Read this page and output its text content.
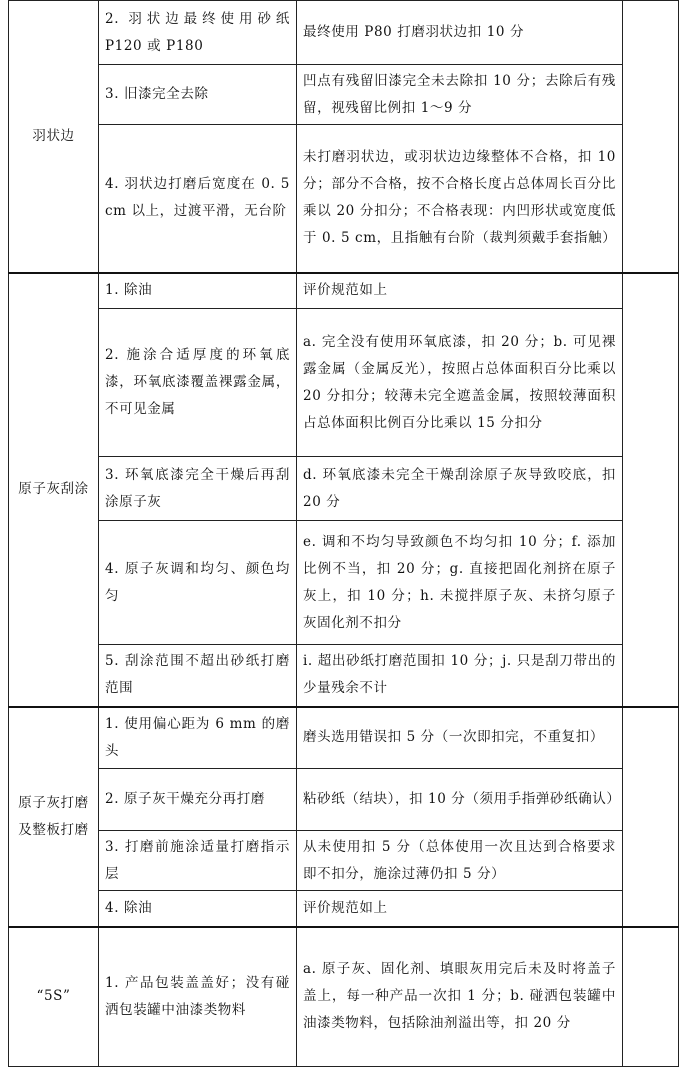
羽状边	2. 羽状边最终使用砂纸 P120 或 P180	最终使用 P80 打磨羽状边扣 10 分	
	3. 旧漆完全去除	凹点有残留旧漆完全未去除扣 10 分；去除后有残留，视残留比例扣 1～9 分	
	4. 羽状边打磨后宽度在 0. 5 cm 以上，过渡平滑，无台阶	未打磨羽状边，或羽状边边缘整体不合格，扣 10 分；部分不合格，按不合格长度占总体周长百分比乘以 20 分扣分；不合格表现：内凹形状或宽度低于 0. 5 cm，且指触有台阶（裁判须戴手套指触）	
原子灰刮涂	1. 除油	评价规范如上	
	2. 施涂合适厚度的环氧底漆，环氧底漆覆盖裸露金属，不可见金属	a. 完全没有使用环氧底漆，扣 20 分；b. 可见裸露金属（金属反光），按照占总体面积百分比乘以 20 分扣分；较薄未完全遮盖金属，按照较薄面积占总体面积比例百分比乘以 15 分扣分	
	3. 环氧底漆完全干燥后再刮涂原子灰	d. 环氧底漆未完全干燥刮涂原子灰导致咬底，扣 20 分	
	4. 原子灰调和均匀、颜色均匀	e. 调和不均匀导致颜色不均匀扣 10 分；f. 添加比例不当，扣 20 分；g. 直接把固化剂挤在原子灰上，扣 10 分；h. 未搅拌原子灰、未挤匀原子灰固化剂不扣分	
	5. 刮涂范围不超出砂纸打磨范围	i. 超出砂纸打磨范围扣 10 分；j. 只是刮刀带出的少量残余不计	
原子灰打磨及整板打磨	1. 使用偏心距为 6 mm 的磨头	磨头选用错误扣 5 分（一次即扣完，不重复扣）	
	2. 原子灰干燥充分再打磨	粘砂纸（结块），扣 10 分（须用手指弹砂纸确认）	
	3. 打磨前施涂适量打磨指示层	从未使用扣 5 分（总体使用一次且达到合格要求即不扣分，施涂过薄仍扣 5 分）	
	4. 除油	评价规范如上	
“5S”	1. 产品包装盖盖好；没有碰洒包装罐中油漆类物料	a. 原子灰、固化剂、填眼灰用完后未及时将盖子盖上，每一种产品一次扣 1 分；b. 碰洒包装罐中油漆类物料，包括除油剂溢出等，扣 20 分	
